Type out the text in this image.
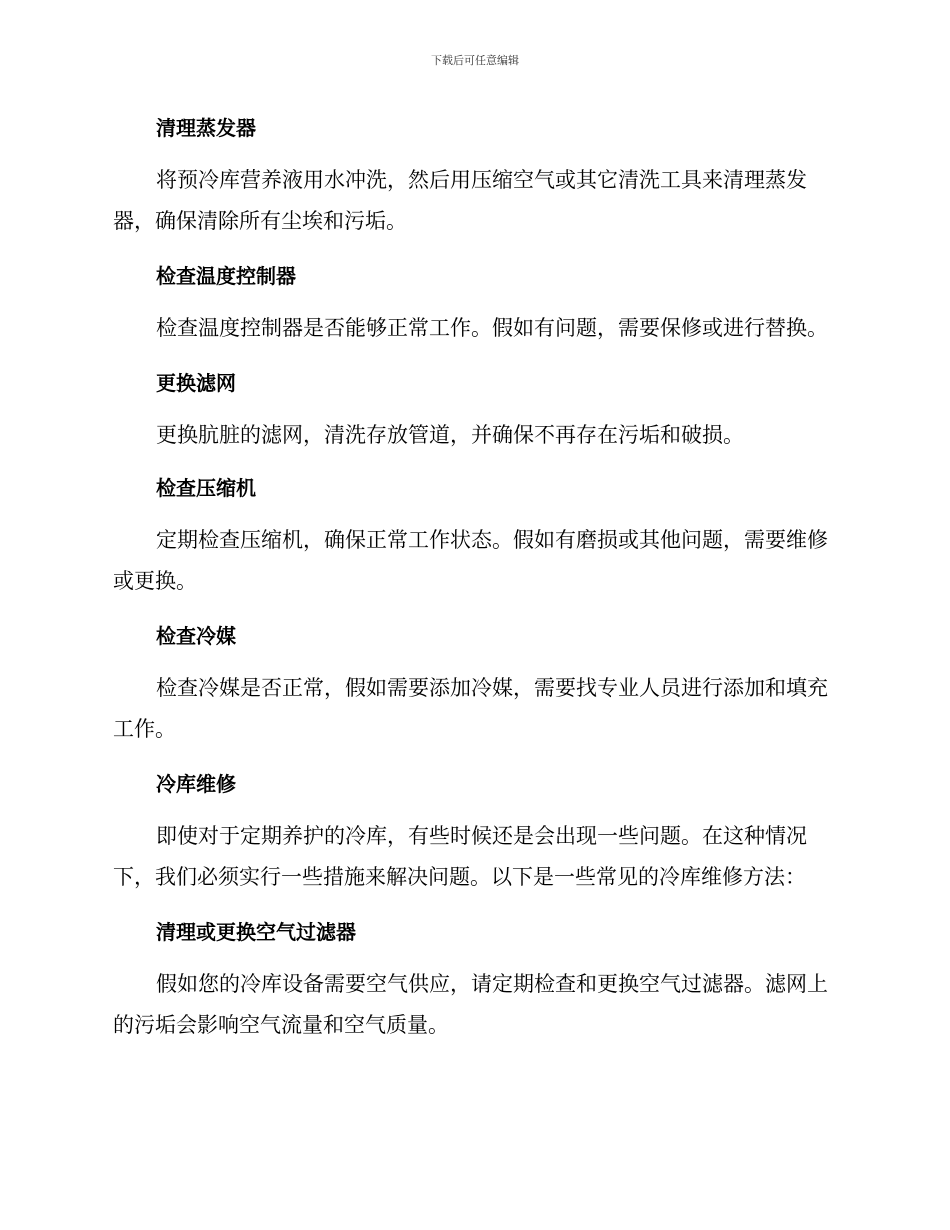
下载后可任意编辑
清理蒸发器

将预冷库营养液用水冲洗，然后用压缩空气或其它清洗工具来清理蒸发器，确保清除所有尘埃和污垢。

检查温度控制器

检查温度控制器是否能够正常工作。假如有问题，需要保修或进行替换。

更换滤网

更换肮脏的滤网，清洗存放管道，并确保不再存在污垢和破损。

检查压缩机

定期检查压缩机，确保正常工作状态。假如有磨损或其他问题，需要维修或更换。

检查冷媒

检查冷媒是否正常，假如需要添加冷媒，需要找专业人员进行添加和填充工作。

冷库维修

即使对于定期养护的冷库，有些时候还是会出现一些问题。在这种情况下，我们必须实行一些措施来解决问题。以下是一些常见的冷库维修方法：

清理或更换空气过滤器

假如您的冷库设备需要空气供应，请定期检查和更换空气过滤器。滤网上的污垢会影响空气流量和空气质量。
